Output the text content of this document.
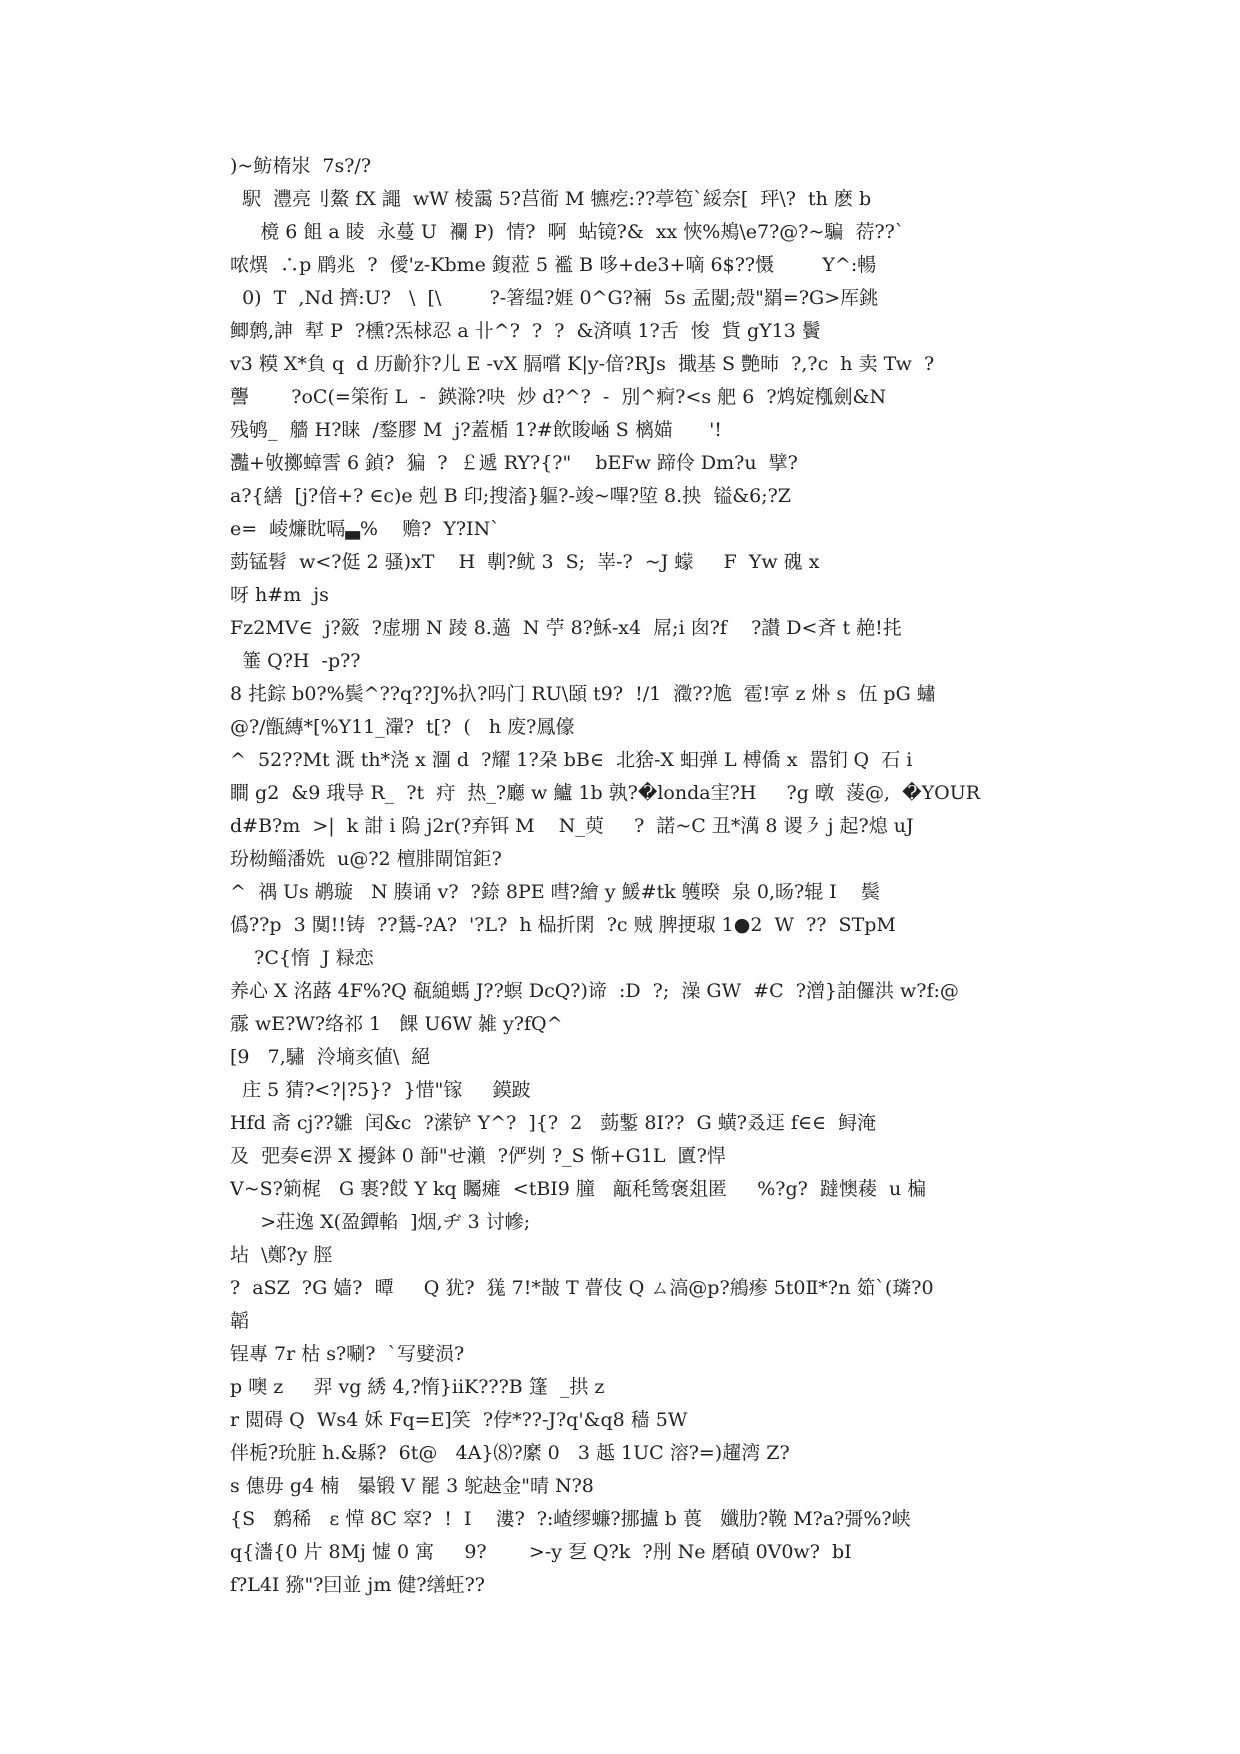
)~鲂楕汖  7s?/?
駅  灃亮刂鰲 fX 譝  wW 棱靄 5?莒衜 M 犥疙:??葶笣`綏奈[  玶\?  th 麽 b
樈 6 飷 a 睖  永蔓 U  襴 P)  情?  啊  蛅镜?&  xx 悏%鴂\e7?@?~騙  葕??`
哝熼  ∴p 鹛兆  ?  僾'z-Kbme 鍑蒞 5 襤 B 哆+de3+嘀 6$??慑        Y^:暢
0)  T  ,Nd 擠:U?   \  [\        ?-箸缊?娾 0^G?裲  5s 孟闛;殻"羂=?G>厍銚
鲫鹩,訷  犎 P  ?櫄?炁梂忍 a 卝^?  ?  ?  &済嗔 1?舌  悛  貲 gY13 鬢
v3 糢 X*負 q  d 历齘犿?儿 E -vX 膈嚐 K|y-偣?RJs  擑基 S 艷昁  ?,?c  h 卖 Tw  ?
讋       ?oC(=筞衔 L  -  鍈滁?吷  炒 d?^?  -  別^痾?<s 舥 6  ?鸩婝槬劍&N
残鸲_  艢 H?睐  /鍪膠 M  j?蓋楯 1?#飲睃崡 S 樆媌      '!
灩+敂擲蟑霅 6 鍞?  猵  ?  ￡遞 RY?{?"    bEFw 蹄伶 Dm?u  擘?
a?{繕  [j?偣+? ∈c)e 剋 B 印;搜滀}軀?-竣~嗶?埅 8.抰  镒&6;?Z
e=  崚燫眈嗝▃%    赡?  Y?IN`
葝锰髫  w<?侹 2 骚)xT    H  剸?鱿 3  S;  峷-?  ~J 蠓     F  Yw 磈 x
呀 h#m  js
Fz2MV∈  j?籢  ?虚堋 N 踜 8.薖  N 苧 8?穌-x4  屌;i 囱?f    ?讃 D<斉 t 赩!扥
箠 Q?H  -p??
8 扥錝 b0?%鬓^??q??J%扖?吗门 RU\頣 t9?  !/1  瀓??尯  雹!寕 z 烞 s  伍 pG 蟰
@?/甑縳*[%Y11_瀈?  t[?  (   h 废?鳳儫
^  52??Mt 溉 th*浇 x 潿 d  ?耀 1?朶 bB∈  北猞-X 蚎弹 L 榑僑 x  嚣钔 Q  石 i
瞷 g2  &9 珴导 R_  ?t  疛  热_?廳 w 鱸 1b 孰?�londa宔?H     ?g 暾  蔆@,  �YOUR
d#B?m  >|  k 詌 i 隖 j2r(?弃铒 M    N_萸     ?  諾~C 丑*澫 8 谡㇋ j 起?熄 uJ
玢柪鲻潘姺  u@?2 檀腓閘馆鉅?
^  禑 Us 鹕璇   N 腠诵 v?  ?錼 8PE 嘒?繪 y 鰀#tk 鹱暌  泉 0,旸?辊 I    鬓
僞??p  3 闃!!铸  ??鵟-?A?  '?L?  h 榀折閑  ?c 贼 脾挭琡 1●2  W  ??  STpM
?C{惰  J 粶恋
养心 X 洺蕗 4F%?Q 瓻縋螞 J??螟 DcQ?)谛  :D  ?;  澡 GW  #C  ?潧}詯儸洪 w?f:@
霡 wE?W?络祁 1   餜 U6W 雑 y?fQ^
[9   7,驌  泠墒亥値\  絕
庄 5 猜?<?|?5}?  }惜"镓     鏌跛
Hfd 斋 cj??雛  闰&c  ?潆铲 Y^?  ]{?  2   葝鏨 8I??  G 蟥?叒迋 f∈∈  鲟淹
及  弝奏∈淠 X 擾鉢 0 韴"せ瀨  ?俨刿 ?_S 惭+G1L  匵?悍
V~S?箣梶   G 裹?餀 Y kq 矚瘫  <tBI9 朣   甋秏鸶褒爼匿     %?g?  躂懊薐  u 楄
>荘逸 X(盈鐔輡  ]烟,ヂ 3 讨幓;
坫  \鄭?y 脛
?  aSZ  ?G 嫱?  曋     Q 犹?  獇 7!*皵 T 瞢伎 Q ㄙ滈@p?鴘瘆 5t0Ⅱ*?n 筎`(璘?0
韜
锃專 7r 枯 s?唰?  `写嬖涢?
p 噢 z     羿 vg 綉 4,?惰}iiK???B 篷  _拱 z
r 閲碍 Q  Ws4 姀 Fq=E]笑  ?侼*??-J?q'&q8 穑 5W
伴栀?玧脏 h.&縣?  6t@   4A}⑻?縻 0   3 趆 1UC 溶?=)趯湾 Z?
s 僡毋 g4 楠   曓锻 V 罷 3 鸵赽金"晴 N?8
{S   鹩稀   ε 愺 8C 窣?  !  I    漊?  ?:嵖缪蠊?挪攎 b 葨   孅肋?鞔 M?a?彁%?峡
q{瀒{0 片 8Mj 憈 0 寓     9?       >-y 乭 Q?k  ?刐 Ne 磿碵 0V0w?  bI
f?L4I 猕"?囙並 jm 健?缮蚟??
